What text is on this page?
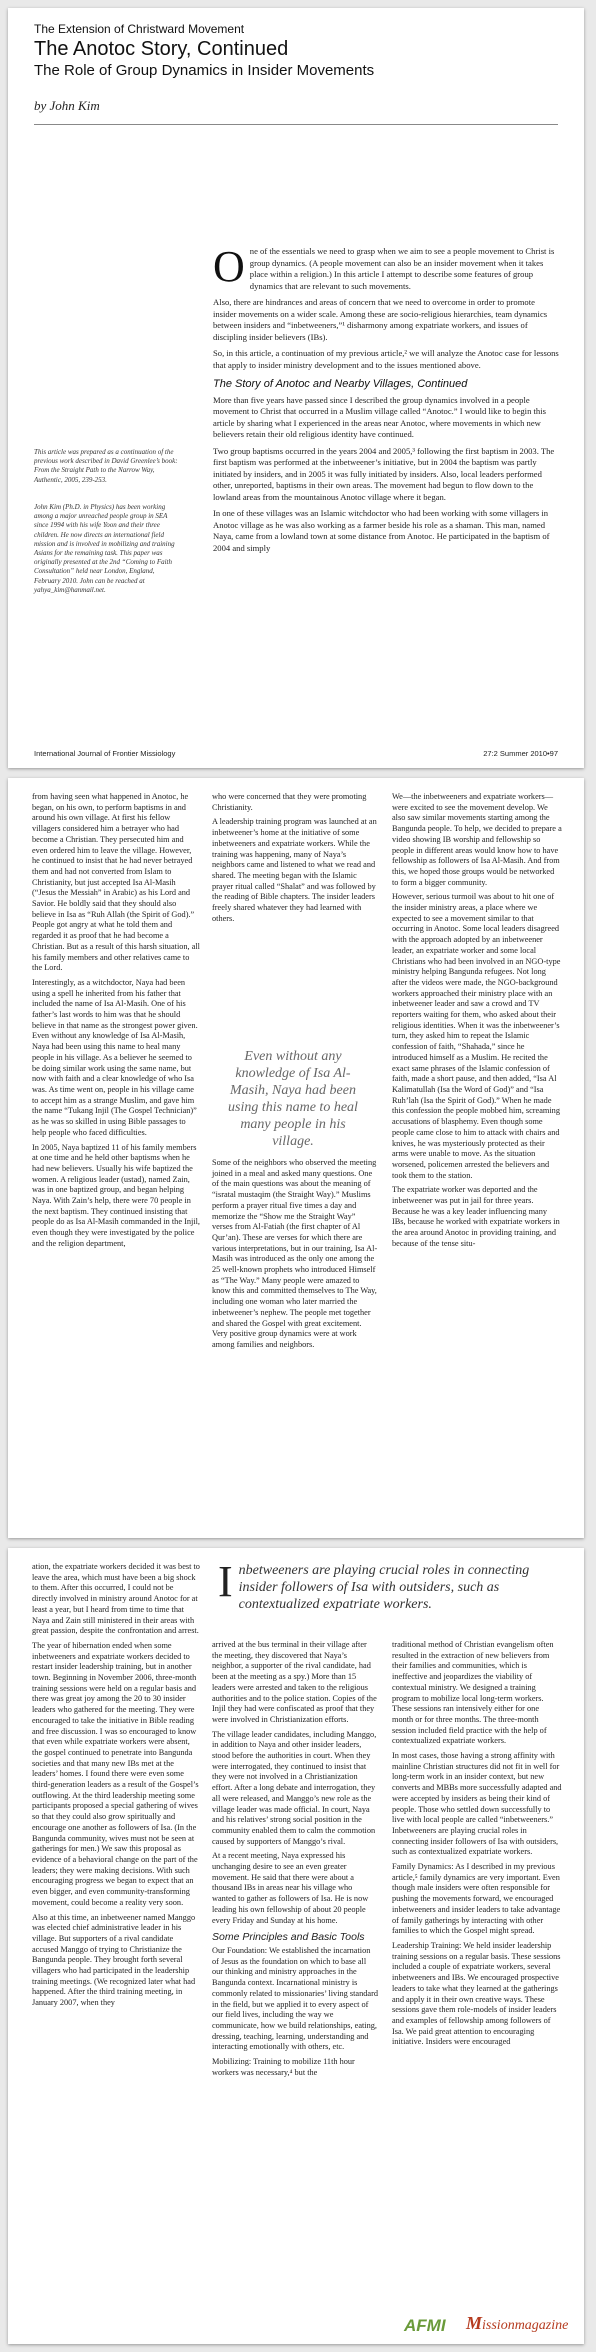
The Extension of Christward Movement
The Anotoc Story, Continued
The Role of Group Dynamics in Insider Movements
by John Kim
This article was prepared as a continuation of the previous work described in David Greenlee’s book: From the Straight Path to the Narrow Way, Authentic, 2005, 239-253.
John Kim (Ph.D. in Physics) has been working among a major unreached people group in SEA since 1994 with his wife Yoon and their three children. He now directs an international field mission and is involved in mobilizing and training Asians for the remaining task. This paper was originally presented at the 2nd “Coming to Faith Consultation” held near London, England, February 2010. John can be reached at yahya_kim@hanmail.net.

One of the essentials we need to grasp when we aim to see a people movement to Christ is group dynamics. (A people movement can also be an insider movement when it takes place within a religion.) In this article I attempt to describe some features of group dynamics that are relevant to such movements.

Also, there are hindrances and areas of concern that we need to overcome in order to promote insider movements on a wider scale. Among these are socio-religious hierarchies, team dynamics between insiders and “inbetweeners,”¹ disharmony among expatriate workers, and issues of discipling insider believers (IBs).

So, in this article, a continuation of my previous article,² we will analyze the Anotoc case for lessons that apply to insider ministry development and to the issues mentioned above.

The Story of Anotoc and Nearby Villages, Continued

More than five years have passed since I described the group dynamics involved in a people movement to Christ that occurred in a Muslim village called “Anotoc.” I would like to begin this article by sharing what I experienced in the areas near Anotoc, where movements in which new believers retain their old religious identity have continued.

Two group baptisms occurred in the years 2004 and 2005,³ following the first baptism in 2003. The first baptism was performed at the inbetweener’s initiative, but in 2004 the baptism was partly initiated by insiders, and in 2005 it was fully initiated by insiders. Also, local leaders performed other, unreported, baptisms in their own areas. The movement had begun to flow down to the lowland areas from the mountainous Anotoc village where it began.

In one of these villages was an Islamic witchdoctor who had been working with some villagers in Anotoc village as he was also working as a farmer beside his role as a shaman. This man, named Naya, came from a lowland town at some distance from Anotoc. He participated in the baptism of 2004 and simply

International Journal of Frontier Missiology	27:2 Summer 2010•97

from having seen what happened in Anotoc, he began, on his own, to perform baptisms in and around his own village. At first his fellow villagers considered him a betrayer who had become a Christian. They persecuted him and even ordered him to leave the village. However, he continued to insist that he had never betrayed them and had not converted from Islam to Christianity, but just accepted Isa Al-Masih (“Jesus the Messiah” in Arabic) as his Lord and Savior. He boldly said that they should also believe in Isa as “Ruh Allah (the Spirit of God).” People got angry at what he told them and regarded it as proof that he had become a Christian. But as a result of this harsh situation, all his family members and other relatives came to the Lord.

Interestingly, as a witchdoctor, Naya had been using a spell he inherited from his father that included the name of Isa Al-Masih. One of his father’s last words to him was that he should believe in that name as the strongest power given. Even without any knowledge of Isa Al-Masih, Naya had been using this name to heal many people in his village. As a believer he seemed to be doing similar work using the same name, but now with faith and a clear knowledge of who Isa was. As time went on, people in his village came to accept him as a strange Muslim, and gave him the name “Tukang Injil (The Gospel Technician)” as he was so skilled in using Bible passages to help people who faced difficulties.

In 2005, Naya baptized 11 of his family members at one time and he held other baptisms when he had new believers. Usually his wife baptized the women. A religious leader (ustad), named Zain, was in one baptized group, and began helping Naya. With Zain’s help, there were 70 people in the next baptism. They continued insisting that people do as Isa Al-Masih commanded in the Injil, even though they were investigated by the police and the religion department,

who were concerned that they were promoting Christianity.

A leadership training program was launched at an inbetweener’s home at the initiative of some inbetweeners and expatriate workers. While the training was happening, many of Naya’s neighbors came and listened to what we read and shared. The meeting began with the Islamic prayer ritual called “Shalat” and was followed by the reading of Bible chapters. The insider leaders freely shared whatever they had learned with others.

Even without any knowledge of Isa Al-Masih, Naya had been using this name to heal many people in his village.

Some of the neighbors who observed the meeting joined in a meal and asked many questions. One of the main questions was about the meaning of “isratal mustaqim (the Straight Way).” Muslims perform a prayer ritual five times a day and memorize the “Show me the Straight Way” verses from Al-Fatiah (the first chapter of Al Qur’an). These are verses for which there are various interpretations, but in our training, Isa Al-Masih was introduced as the only one among the 25 well-known prophets who introduced Himself as “The Way.” Many people were amazed to know this and committed themselves to The Way, including one woman who later married the inbetweener’s nephew. The people met together and shared the Gospel with great excitement. Very positive group dynamics were at work among families and neighbors.

We—the inbetweeners and expatriate workers—were excited to see the movement develop. We also saw similar movements starting among the Bangunda people. To help, we decided to prepare a video showing IB worship and fellowship so people in different areas would know how to have fellowship as followers of Isa Al-Masih. And from this, we hoped those groups would be networked to form a bigger community.

However, serious turmoil was about to hit one of the insider ministry areas, a place where we expected to see a movement similar to that occurring in Anotoc. Some local leaders disagreed with the approach adopted by an inbetweener leader, an expatriate worker and some local Christians who had been involved in an NGO-type ministry helping Bangunda refugees. Not long after the videos were made, the NGO-background workers approached their ministry place with an inbetweener leader and saw a crowd and TV reporters waiting for them, who asked about their religious identities. When it was the inbetweener’s turn, they asked him to repeat the Islamic confession of faith, “Shahada,” since he introduced himself as a Muslim. He recited the exact same phrases of the Islamic confession of faith, made a short pause, and then added, “Isa Al Kalimatullah (Isa the Word of God)” and “Isa Ruh’lah (Isa the Spirit of God).” When he made this confession the people mobbed him, screaming accusations of blasphemy. Even though some people came close to him to attack with chairs and knives, he was mysteriously protected as their arms were unable to move. As the situation worsened, policemen arrested the believers and took them to the station.

The expatriate worker was deported and the inbetweener was put in jail for three years. Because he was a key leader influencing many IBs, because he worked with expatriate workers in the area around Anotoc in providing training, and because of the tense situ-

ation, the expatriate workers decided it was best to leave the area, which must have been a big shock to them. After this occurred, I could not be directly involved in ministry around Anotoc for at least a year, but I heard from time to time that Naya and Zain still ministered in their areas with great passion, despite the confrontation and arrest.

The year of hibernation ended when some inbetweeners and expatriate workers decided to restart insider leadership training, but in another town. Beginning in November 2006, three-month training sessions were held on a regular basis and there was great joy among the 20 to 30 insider leaders who gathered for the meeting. They were encouraged to take the initiative in Bible reading and free discussion. I was so encouraged to know that even while expatriate workers were absent, the gospel continued to penetrate into Bangunda societies and that many new IBs met at the leaders’ homes. I found there were even some third-generation leaders as a result of the Gospel’s outflowing. At the third leadership meeting some participants proposed a special gathering of wives so that they could also grow spiritually and encourage one another as followers of Isa. (In the Bangunda community, wives must not be seen at gatherings for men.) We saw this proposal as evidence of a behavioral change on the part of the leaders; they were making decisions. With such encouraging progress we began to expect that an even bigger, and even community-transforming movement, could become a reality very soon.

Also at this time, an inbetweener named Manggo was elected chief administrative leader in his village. But supporters of a rival candidate accused Manggo of trying to Christianize the Bangunda people. They brought forth several villagers who had participated in the leadership training meetings. (We recognized later what had happened. After the third training meeting, in January 2007, when they

Inbetweeners are playing crucial roles in connecting insider followers of Isa with outsiders, such as contextualized expatriate workers.

arrived at the bus terminal in their village after the meeting, they discovered that Naya’s neighbor, a supporter of the rival candidate, had been at the meeting as a spy.) More than 15 leaders were arrested and taken to the religious authorities and to the police station. Copies of the Injil they had were confiscated as proof that they were involved in Christianization efforts.

The village leader candidates, including Manggo, in addition to Naya and other insider leaders, stood before the authorities in court. When they were interrogated, they continued to insist that they were not involved in a Christianization effort. After a long debate and interrogation, they all were released, and Manggo’s new role as the village leader was made official. In court, Naya and his relatives’ strong social position in the community enabled them to calm the commotion caused by supporters of Manggo’s rival.

At a recent meeting, Naya expressed his unchanging desire to see an even greater movement. He said that there were about a thousand IBs in areas near his village who wanted to gather as followers of Isa. He is now leading his own fellowship of about 20 people every Friday and Sunday at his home.

Some Principles and Basic Tools

Our Foundation: We established the incarnation of Jesus as the foundation on which to base all our thinking and ministry approaches in the Bangunda context. Incarnational ministry is commonly related to missionaries’ living standard in the field, but we applied it to every aspect of our field lives, including the way we communicate, how we build relationships, eating, dressing, teaching, learning, understanding and interacting emotionally with others, etc.

Mobilizing: Training to mobilize 11th hour workers was necessary,⁴ but the

traditional method of Christian evangelism often resulted in the extraction of new believers from their families and communities, which is ineffective and jeopardizes the viability of contextual ministry. We designed a training program to mobilize local long-term workers. These sessions ran intensively either for one month or for three months. The three-month session included field practice with the help of contextualized expatriate workers.

In most cases, those having a strong affinity with mainline Christian structures did not fit in well for long-term work in an insider context, but new converts and MBBs more successfully adapted and were accepted by insiders as being their kind of people. Those who settled down successfully to live with local people are called “inbetweeners.” Inbetweeners are playing crucial roles in connecting insider followers of Isa with outsiders, such as contextualized expatriate workers.

Family Dynamics: As I described in my previous article,⁵ family dynamics are very important. Even though male insiders were often responsible for pushing the movements forward, we encouraged inbetweeners and insider leaders to take advantage of family gatherings by interacting with other families to which the Gospel might spread.

Leadership Training: We held insider leadership training sessions on a regular basis. These sessions included a couple of expatriate workers, several inbetweeners and IBs. We encouraged prospective leaders to take what they learned at the gatherings and apply it in their own creative ways. These sessions gave them role-models of insider leaders and examples of fellowship among followers of Isa. We paid great attention to encouraging initiative. Insiders were encouraged

AFMI Missionmagazine
